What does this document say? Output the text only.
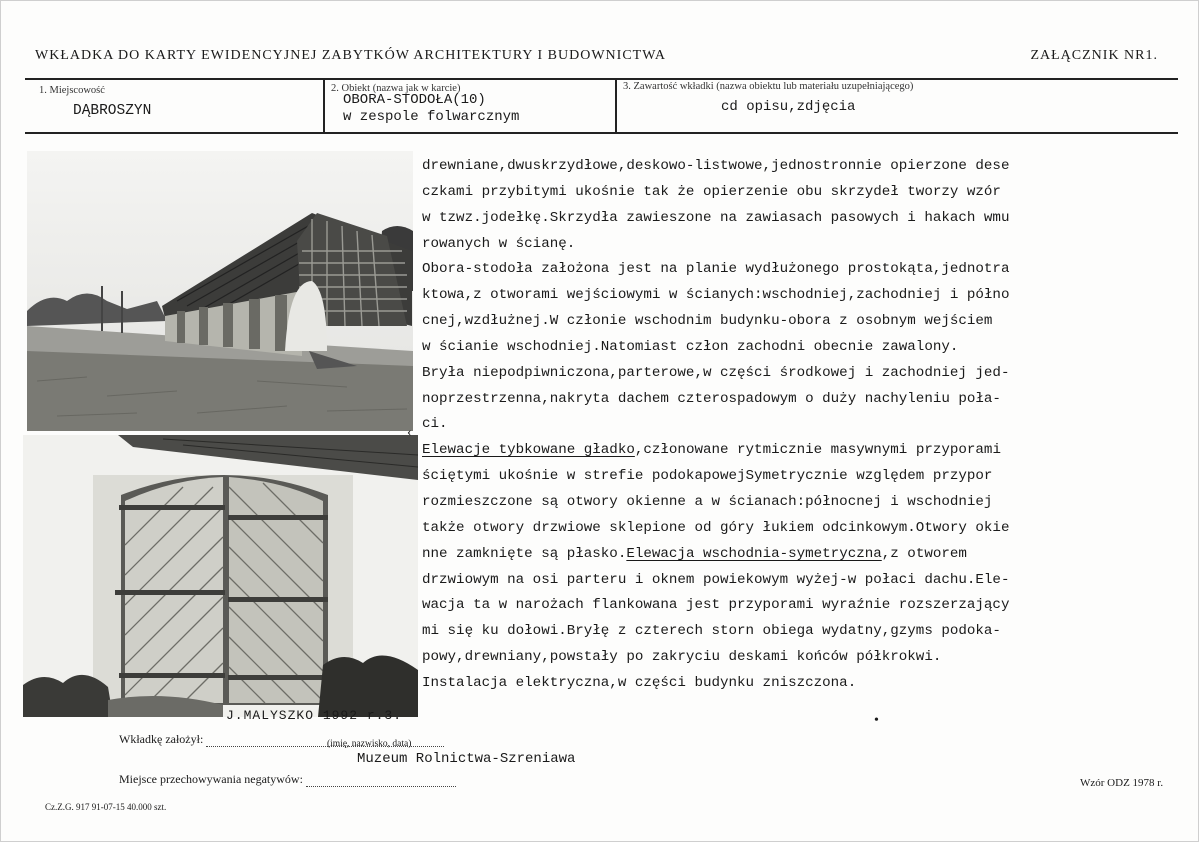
WKŁADKA DO KARTY EWIDENCYJNEJ ZABYTKÓW ARCHITEKTURY I BUDOWNICTWA	ZAŁĄCZNIK NR1.
1. Miejscowość
DĄBROSZYN
2. Obiekt (nazwa jak w karcie)
OBORA-STODOŁA(10)
w zespole folwarcznym
3. Zawartość wkładki (nazwa obiektu lub materiału uzupełniającego)
cd opisu,zdjęcia
‹
drewniane,dwuskrzydłowe,deskowo-listwowe,jednostronnie opierzone dese
czkami przybitymi ukośnie tak że opierzenie obu skrzydeł tworzy wzór
w tzwz.jodełkę.Skrzydła zawieszone na zawiasach pasowych i hakach wmu
rowanych w ścianę.
Obora-stodoła założona jest na planie wydłużonego prostokąta,jednotra
ktowa,z otworami wejściowymi w ścianych:wschodniej,zachodniej i półno
cnej,wzdłużnej.W członie wschodnim budynku-obora z osobnym wejściem
w ścianie wschodniej.Natomiast człon zachodni obecnie zawalony.
Bryła niepodpiwniczona,parterowe,w części środkowej i zachodniej jed-
noprzestrzenna,nakryta dachem czterospadowym o duży nachyleniu poła-
ci.
Elewacje tybkowane gładko,członowane rytmicznie masywnymi przyporami
ściętymi ukośnie w strefie podokapowejSymetrycznie względem przypor
rozmieszczone są otwory okienne a w ścianach:północnej i wschodniej
także otwory drzwiowe sklepione od góry łukiem odcinkowym.Otwory okie
nne zamknięte są płasko.Elewacja wschodnia-symetryczna,z otworem
drzwiowym na osi parteru i oknem powiekowym wyżej-w połaci dachu.Ele-
wacja ta w narożach flankowana jest przyporami wyraźnie rozszerzający
mi się ku dołowi.Bryłę z czterech storn obiega wydatny,gzyms podoka-
powy,drewniany,powstały po zakryciu deskami końców półkrokwi.
Instalacja elektryczna,w części budynku zniszczona.
J.MALYSZKO 1992 r.3.	•
Wkładkę założył:	(imię, nazwisko, data)
Muzeum Rolnictwa-Szreniawa
Miejsce przechowywania negatywów:
Cz.Z.G. 917 91-07-15 40.000 szt.
Wzór ODZ 1978 r.
